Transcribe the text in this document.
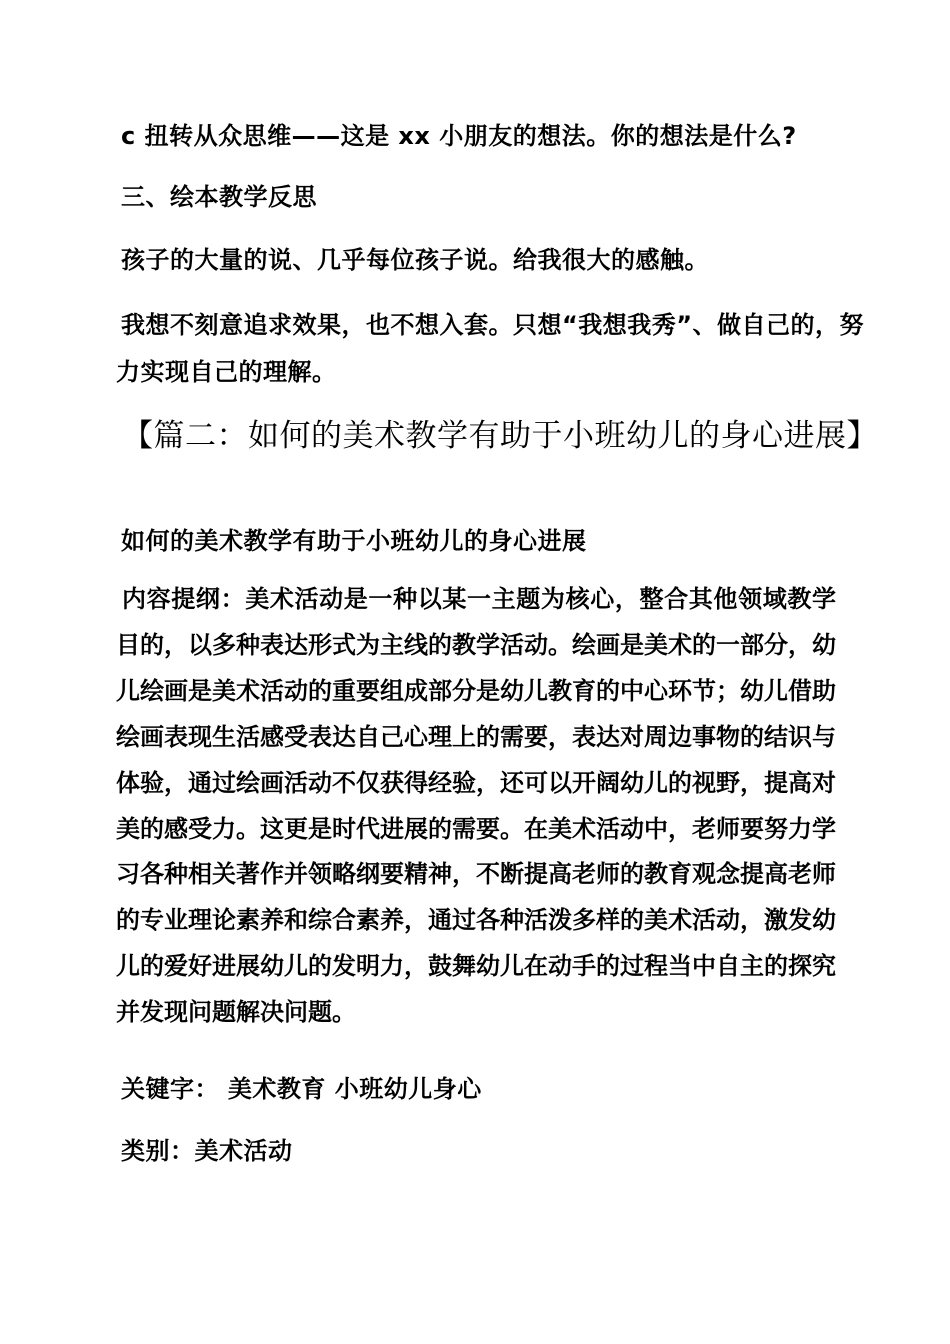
c 扭转从众思维——这是 xx 小朋友的想法。你的想法是什么?
三、绘本教学反思
孩子的大量的说、几乎每位孩子说。给我很大的感触。
我想不刻意追求效果，也不想入套。只想“我想我秀”、做自己的，努
力实现自己的理解。
【篇二：如何的美术教学有助于小班幼儿的身心进展】
如何的美术教学有助于小班幼儿的身心进展
内容提纲：美术活动是一种以某一主题为核心，整合其他领域教学目的，以多种表达形式为主线的教学活动。绘画是美术的一部分，幼儿绘画是美术活动的重要组成部分是幼儿教育的中心环节；幼儿借助绘画表现生活感受表达自己心理上的需要，表达对周边事物的结识与体验，通过绘画活动不仅获得经验，还可以开阔幼儿的视野，提高对美的感受力。这更是时代进展的需要。在美术活动中，老师要努力学习各种相关著作并领略纲要精神，不断提高老师的教育观念提高老师的专业理论素养和综合素养，通过各种活泼多样的美术活动，激发幼儿的爱好进展幼儿的发明力，鼓舞幼儿在动手的过程当中自主的探究并发现问题解决问题。
关键字： 美术教育 小班幼儿身心
类别：美术活动
